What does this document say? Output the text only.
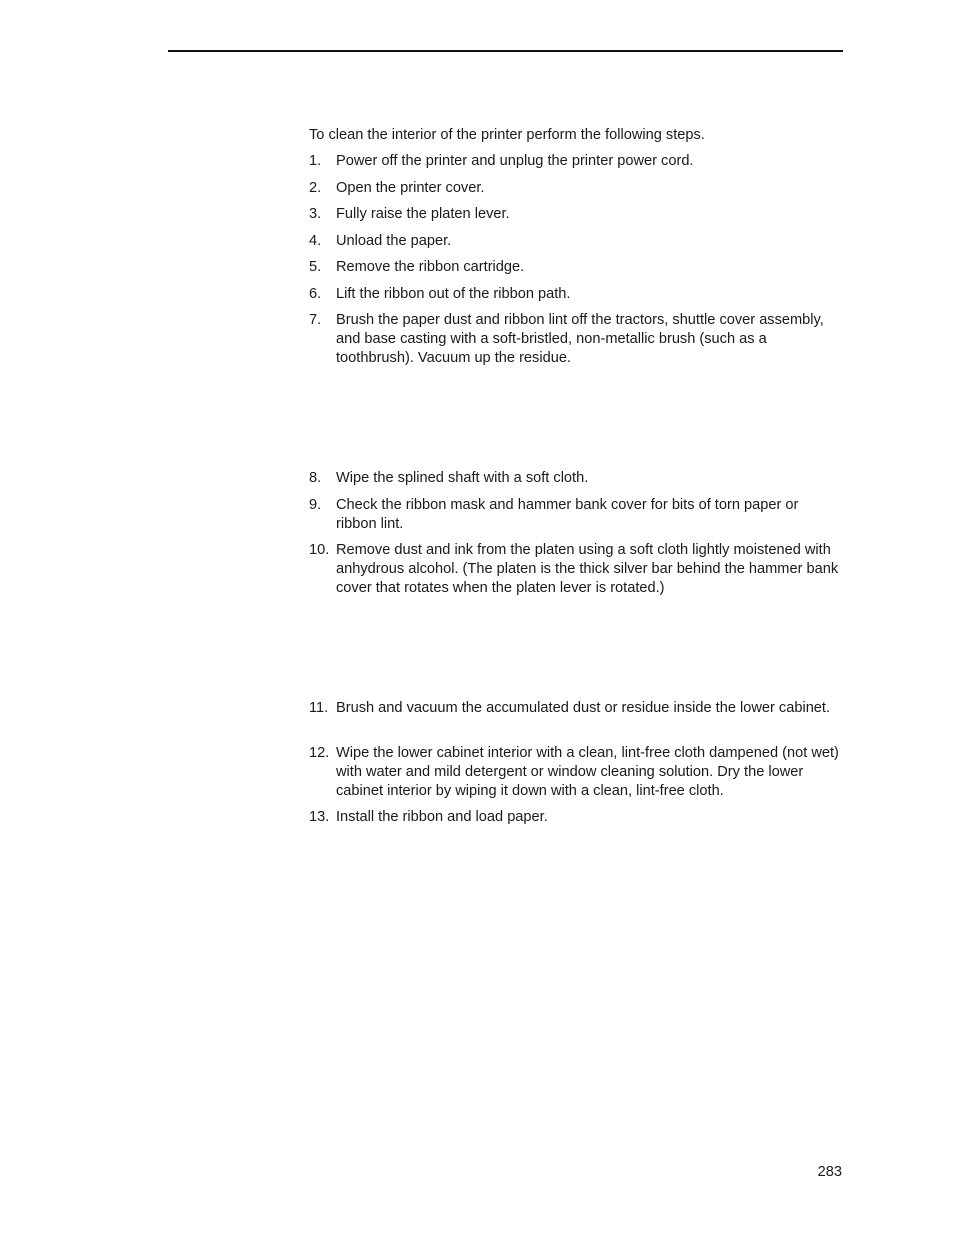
To clean the interior of the printer perform the following steps.

1.	Power off the printer and unplug the printer power cord.
2.	Open the printer cover.
3.	Fully raise the platen lever.
4.	Unload the paper.
5.	Remove the ribbon cartridge.
6.	Lift the ribbon out of the ribbon path.
7.	Brush the paper dust and ribbon lint off the tractors, shuttle cover assembly, and base casting with a soft-bristled, non-metallic brush (such as a toothbrush). Vacuum up the residue.
8.	Wipe the splined shaft with a soft cloth.
9.	Check the ribbon mask and hammer bank cover for bits of torn paper or ribbon lint.
10. Remove dust and ink from the platen using a soft cloth lightly moistened with anhydrous alcohol. (The platen is the thick silver bar behind the hammer bank cover that rotates when the platen lever is rotated.)
11. Brush and vacuum the accumulated dust or residue inside the lower cabinet.
12. Wipe the lower cabinet interior with a clean, lint-free cloth dampened (not wet) with water and mild detergent or window cleaning solution. Dry the lower cabinet interior by wiping it down with a clean, lint-free cloth.
13. Install the ribbon and load paper.
283
